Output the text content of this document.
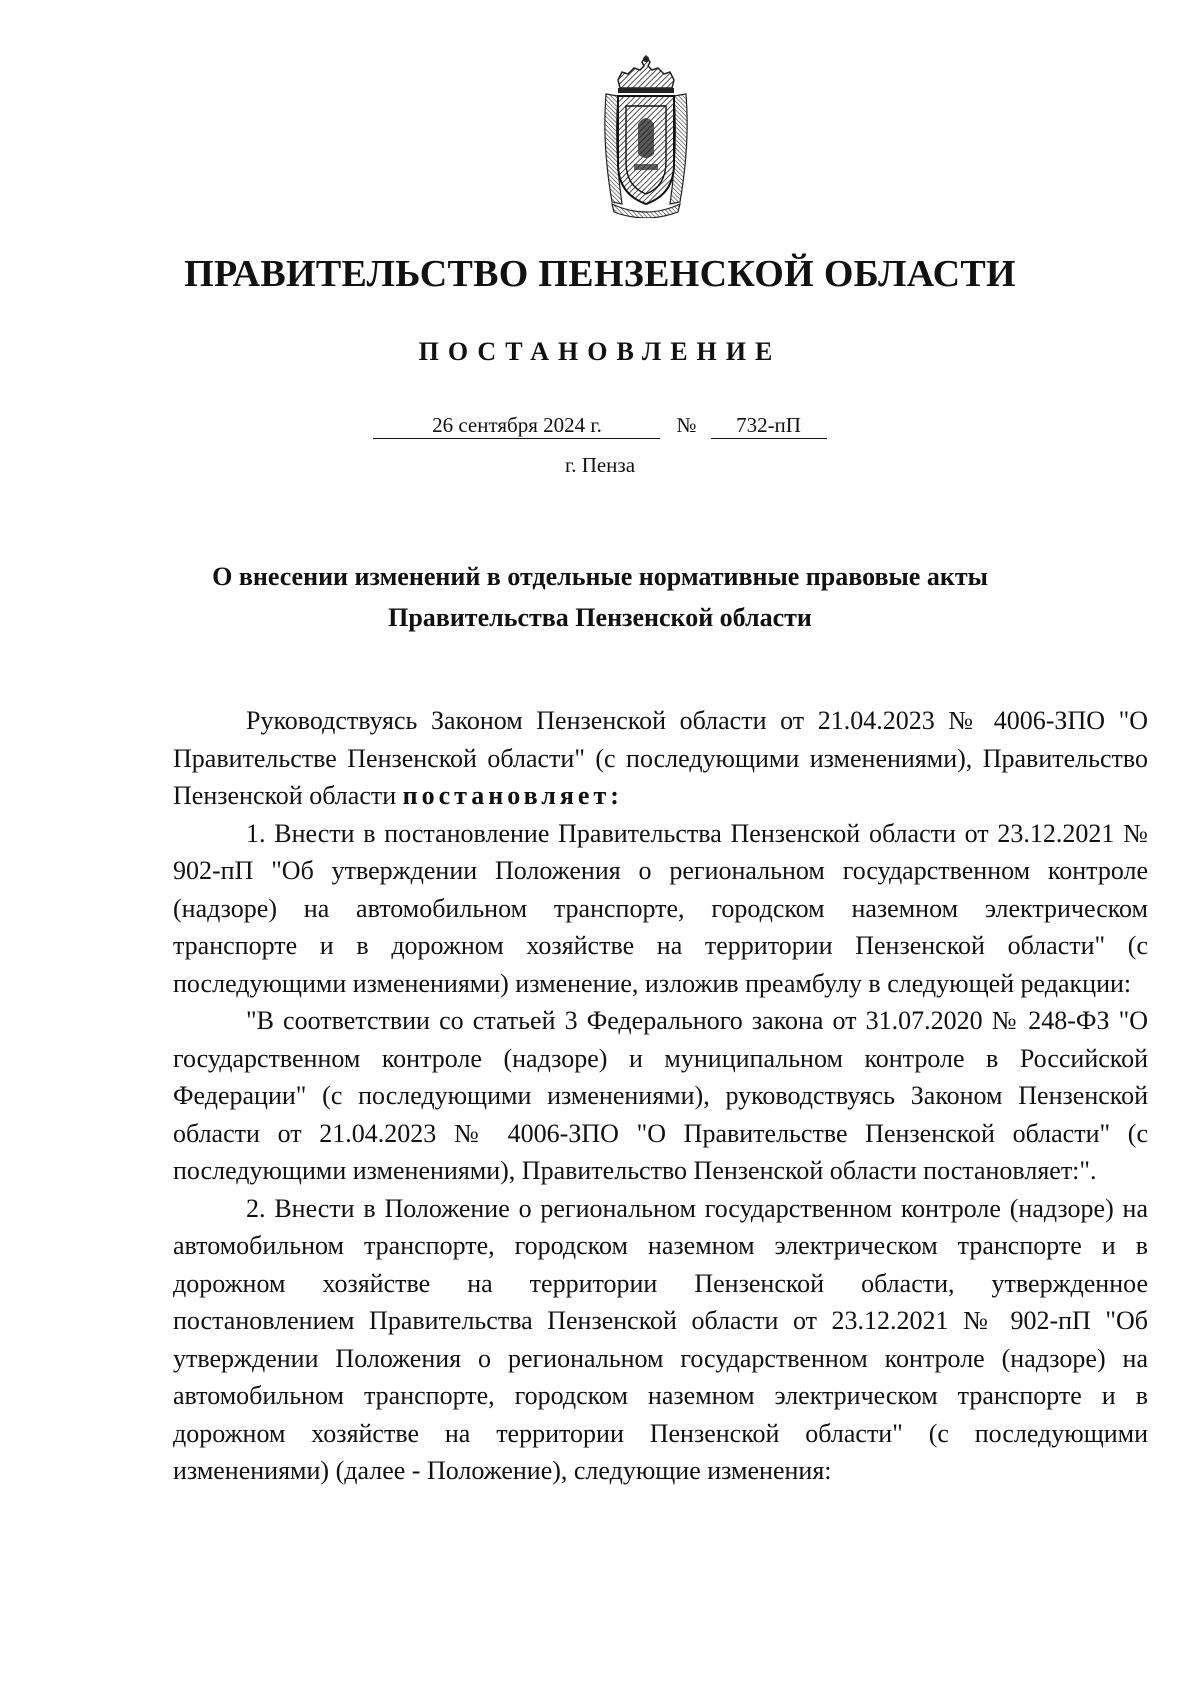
ПРАВИТЕЛЬСТВО ПЕНЗЕНСКОЙ ОБЛАСТИ
ПОСТАНОВЛЕНИЕ
26 сентября 2024 г.	№ 732-пП
г. Пенза
О внесении изменений в отдельные нормативные правовые акты
Правительства Пензенской области

Руководствуясь Законом Пензенской области от 21.04.2023 № 4006-ЗПО "О Правительстве Пензенской области" (с последующими изменениями), Правительство Пензенской области постановляет:

1. Внести в постановление Правительства Пензенской области от 23.12.2021 № 902-пП "Об утверждении Положения о региональном государственном контроле (надзоре) на автомобильном транспорте, городском наземном электрическом транспорте и в дорожном хозяйстве на территории Пензенской области" (с последующими изменениями) изменение, изложив преамбулу в следующей редакции:

"В соответствии со статьей 3 Федерального закона от 31.07.2020 № 248-ФЗ "О государственном контроле (надзоре) и муниципальном контроле в Российской Федерации" (с последующими изменениями), руководствуясь Законом Пензенской области от 21.04.2023 № 4006-ЗПО "О Правительстве Пензенской области" (с последующими изменениями), Правительство Пензенской области постановляет:".

2. Внести в Положение о региональном государственном контроле (надзоре) на автомобильном транспорте, городском наземном электрическом транспорте и в дорожном хозяйстве на территории Пензенской области, утвержденное постановлением Правительства Пензенской области от 23.12.2021 № 902-пП "Об утверждении Положения о региональном государственном контроле (надзоре) на автомобильном транспорте, городском наземном электрическом транспорте и в дорожном хозяйстве на территории Пензенской области" (с последующими изменениями) (далее - Положение), следующие изменения:
